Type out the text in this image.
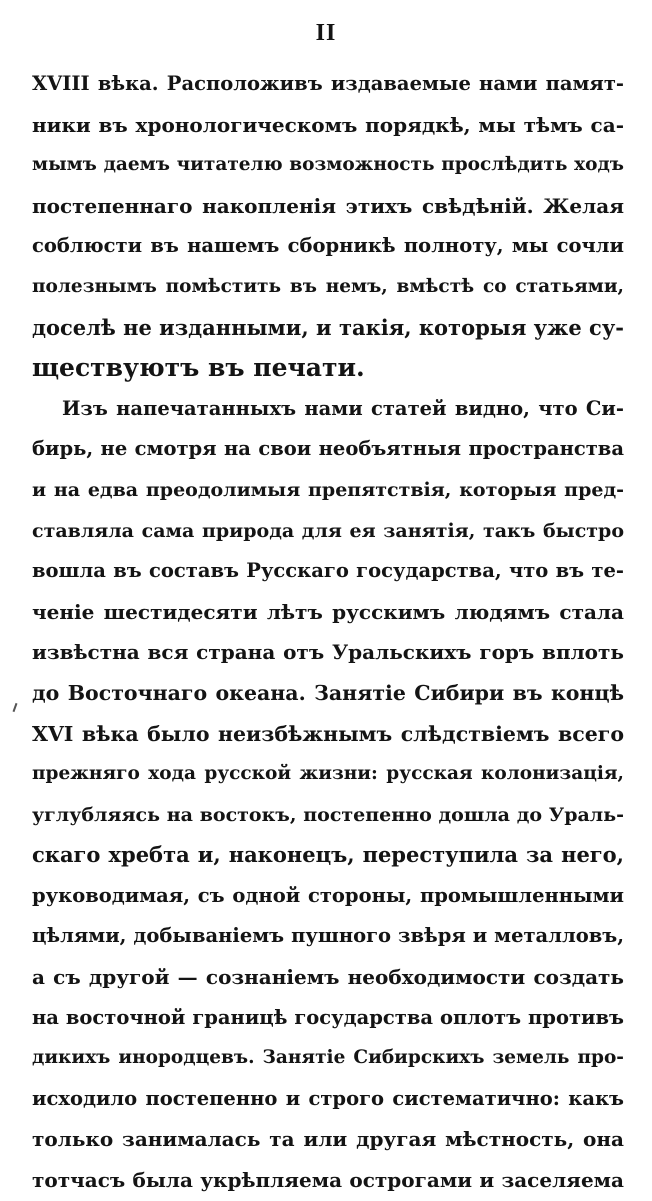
II
XVIII вѣка. Расположивъ издаваемые нами памят-
ники въ хронологическомъ порядкѣ, мы тѣмъ са-
мымъ даемъ читателю возможность прослѣдить ходъ
постепеннаго накопленія этихъ свѣдѣній. Желая
соблюсти въ нашемъ сборникѣ полноту, мы сочли
полезнымъ помѣстить въ немъ, вмѣстѣ со статьями,
доселѣ не изданными, и такія, которыя уже су-
ществуютъ въ печати.
Изъ напечатанныхъ нами статей видно, что Си-
бирь, не смотря на свои необъятныя пространства
и на едва преодолимыя препятствія, которыя пред-
ставляла сама природа для ея занятія, такъ быстро
вошла въ составъ Русскаго государства, что въ те-
ченіе шестидесяти лѣтъ русскимъ людямъ стала
извѣстна вся страна отъ Уральскихъ горъ вплоть
до Восточнаго океана. Занятіе Сибири въ концѣ
XVI вѣка было неизбѣжнымъ слѣдствіемъ всего
прежняго хода русской жизни: русская колонизація,
углубляясь на востокъ, постепенно дошла до Ураль-
скаго хребта и, наконецъ, переступила за него,
руководимая, съ одной стороны, промышленными
цѣлями, добываніемъ пушного звѣря и металловъ,
а съ другой — сознаніемъ необходимости создать
на восточной границѣ государства оплотъ противъ
дикихъ инородцевъ. Занятіе Сибирскихъ земель про-
исходило постепенно и строго систематично: какъ
только занималась та или другая мѣстность, она
тотчасъ была укрѣпляема острогами и заселяема
